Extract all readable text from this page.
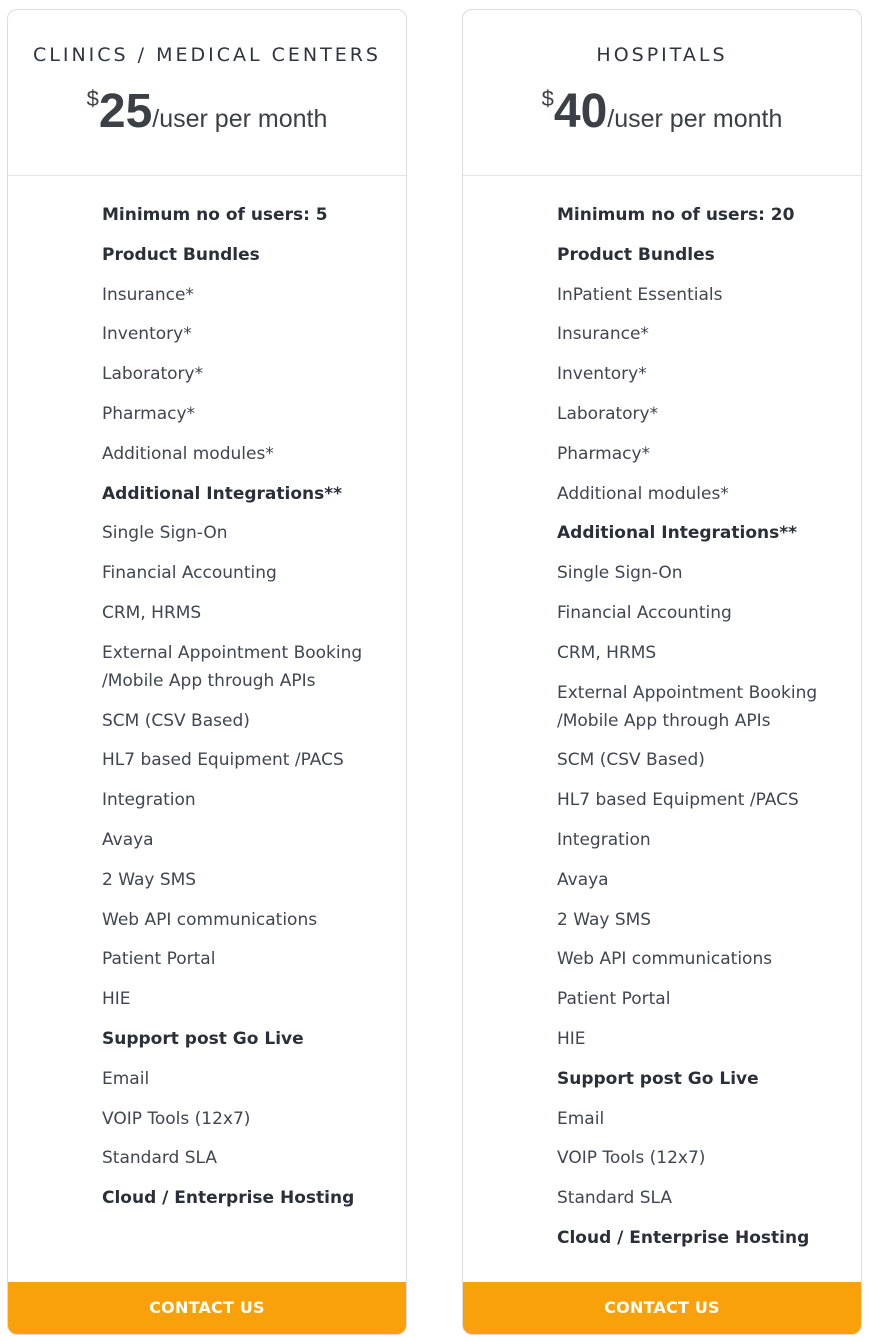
CLINICS / MEDICAL CENTERS
$25/user per month
Minimum no of users: 5
Product Bundles
Insurance*
Inventory*
Laboratory*
Pharmacy*
Additional modules*
Additional Integrations**
Single Sign-On
Financial Accounting
CRM, HRMS
External Appointment Booking
/Mobile App through APIs
SCM (CSV Based)
HL7 based Equipment /PACS
Integration
Avaya
2 Way SMS
Web API communications
Patient Portal
HIE
Support post Go Live
Email
VOIP Tools (12x7)
Standard SLA
Cloud / Enterprise Hosting
CONTACT US
HOSPITALS
$40/user per month
Minimum no of users: 20
Product Bundles
InPatient Essentials
Insurance*
Inventory*
Laboratory*
Pharmacy*
Additional modules*
Additional Integrations**
Single Sign-On
Financial Accounting
CRM, HRMS
External Appointment Booking
/Mobile App through APIs
SCM (CSV Based)
HL7 based Equipment /PACS
Integration
Avaya
2 Way SMS
Web API communications
Patient Portal
HIE
Support post Go Live
Email
VOIP Tools (12x7)
Standard SLA
Cloud / Enterprise Hosting
CONTACT US
